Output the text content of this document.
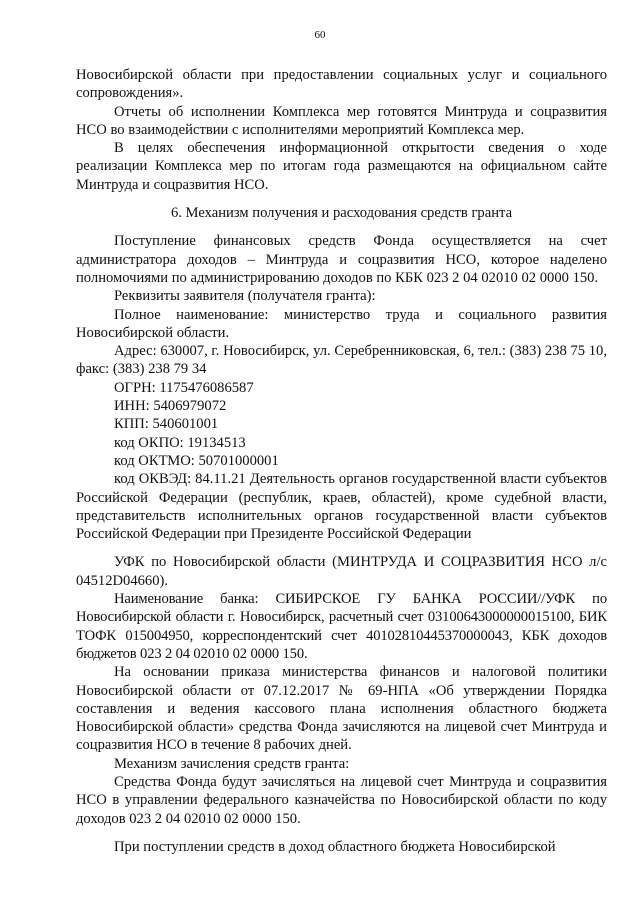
60

Новосибирской области при предоставлении социальных услуг и социального сопровождения».

Отчеты об исполнении Комплекса мер готовятся Минтруда и соцразвития НСО во взаимодействии с исполнителями мероприятий Комплекса мер.

В целях обеспечения информационной открытости сведения о ходе реализации Комплекса мер по итогам года размещаются на официальном сайте Минтруда и соцразвития НСО.

6. Механизм получения и расходования средств гранта

Поступление финансовых средств Фонда осуществляется на счет администратора доходов – Минтруда и соцразвития НСО, которое наделено полномочиями по администрированию доходов по КБК 023 2 04 02010 02 0000 150.

Реквизиты заявителя (получателя гранта):

Полное наименование: министерство труда и социального развития Новосибирской области.

Адрес: 630007, г. Новосибирск, ул. Серебренниковская, 6, тел.: (383) 238 75 10, факс: (383) 238 79 34

ОГРН: 1175476086587

ИНН: 5406979072

КПП: 540601001

код ОКПО: 19134513

код ОКТМО: 50701000001

код ОКВЭД: 84.11.21 Деятельность органов государственной власти субъектов Российской Федерации (республик, краев, областей), кроме судебной власти, представительств исполнительных органов государственной власти субъектов Российской Федерации при Президенте Российской Федерации

УФК по Новосибирской области (МИНТРУДА И СОЦРАЗВИТИЯ НСО л/с 04512D04660).

Наименование банка: СИБИРСКОЕ ГУ БАНКА РОССИИ//УФК по Новосибирской области г. Новосибирск, расчетный счет 03100643000000015100, БИК ТОФК 015004950, корреспондентский счет 40102810445370000043, КБК доходов бюджетов 023 2 04 02010 02 0000 150.

На основании приказа министерства финансов и налоговой политики Новосибирской области от 07.12.2017 № 69-НПА «Об утверждении Порядка составления и ведения кассового плана исполнения областного бюджета Новосибирской области» средства Фонда зачисляются на лицевой счет Минтруда и соцразвития НСО в течение 8 рабочих дней.

Механизм зачисления средств гранта:

Средства Фонда будут зачисляться на лицевой счет Минтруда и соцразвития НСО в управлении федерального казначейства по Новосибирской области по коду доходов 023 2 04 02010 02 0000 150.

При поступлении средств в доход областного бюджета Новосибирской
